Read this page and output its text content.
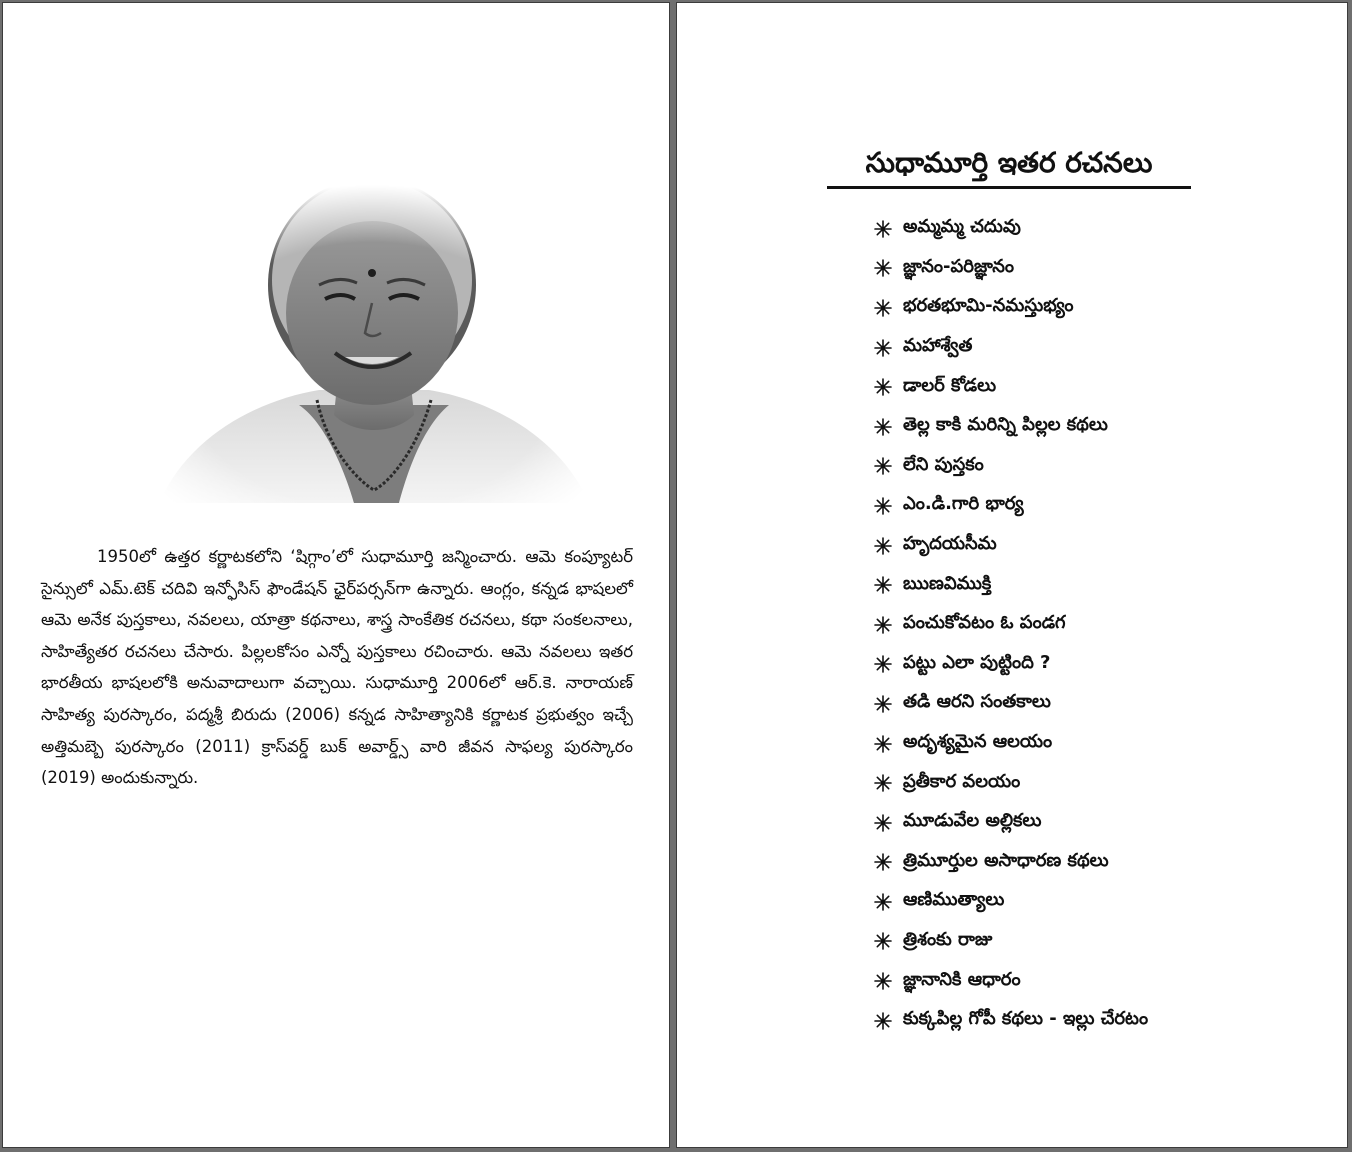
1950లో ఉత్తర కర్ణాటకలోని ‘షిగ్గాం’లో సుధామూర్తి జన్మించారు. ఆమె కంప్యూటర్ సైన్సులో ఎమ్.టెక్ చదివి ఇన్ఫోసిస్ ఫౌండేషన్ ఛైర్‌పర్సన్‌గా ఉన్నారు. ఆంగ్లం, కన్నడ భాషలలో ఆమె అనేక పుస్తకాలు, నవలలు, యాత్రా కథనాలు, శాస్త్ర సాంకేతిక రచనలు, కథా సంకలనాలు, సాహిత్యేతర రచనలు చేసారు. పిల్లలకోసం ఎన్నో పుస్తకాలు రచించారు. ఆమె నవలలు ఇతర భారతీయ భాషలలోకి అనువాదాలుగా వచ్చాయి. సుధామూర్తి 2006లో ఆర్.కె. నారాయణ్ సాహిత్య పురస్కారం, పద్మశ్రీ బిరుదు (2006) కన్నడ సాహిత్యానికి కర్ణాటక ప్రభుత్వం ఇచ్చే అత్తిమబ్బె పురస్కారం (2011) క్రాస్‌వర్డ్ బుక్ అవార్డ్స్ వారి జీవన సాఫల్య పురస్కారం (2019) అందుకున్నారు.

సుధామూర్తి ఇతర రచనలు
అమ్మమ్మ చదువు
జ్ఞానం-పరిజ్ఞానం
భరతభూమి-నమస్తుభ్యం
మహాశ్వేత
డాలర్ కోడలు
తెల్ల కాకి మరిన్ని పిల్లల కథలు
లేని పుస్తకం
ఎం.డి.గారి భార్య
హృదయసీమ
ఋణవిముక్తి
పంచుకోవటం ఓ పండగ
పట్టు ఎలా పుట్టింది ?
తడి ఆరని సంతకాలు
అదృశ్యమైన ఆలయం
ప్రతీకార వలయం
మూడువేల అల్లికలు
త్రిమూర్తుల అసాధారణ కథలు
ఆణిముత్యాలు
త్రిశంకు రాజు
జ్ఞానానికి ఆధారం
కుక్కపిల్ల గోపీ కథలు - ఇల్లు చేరటం
